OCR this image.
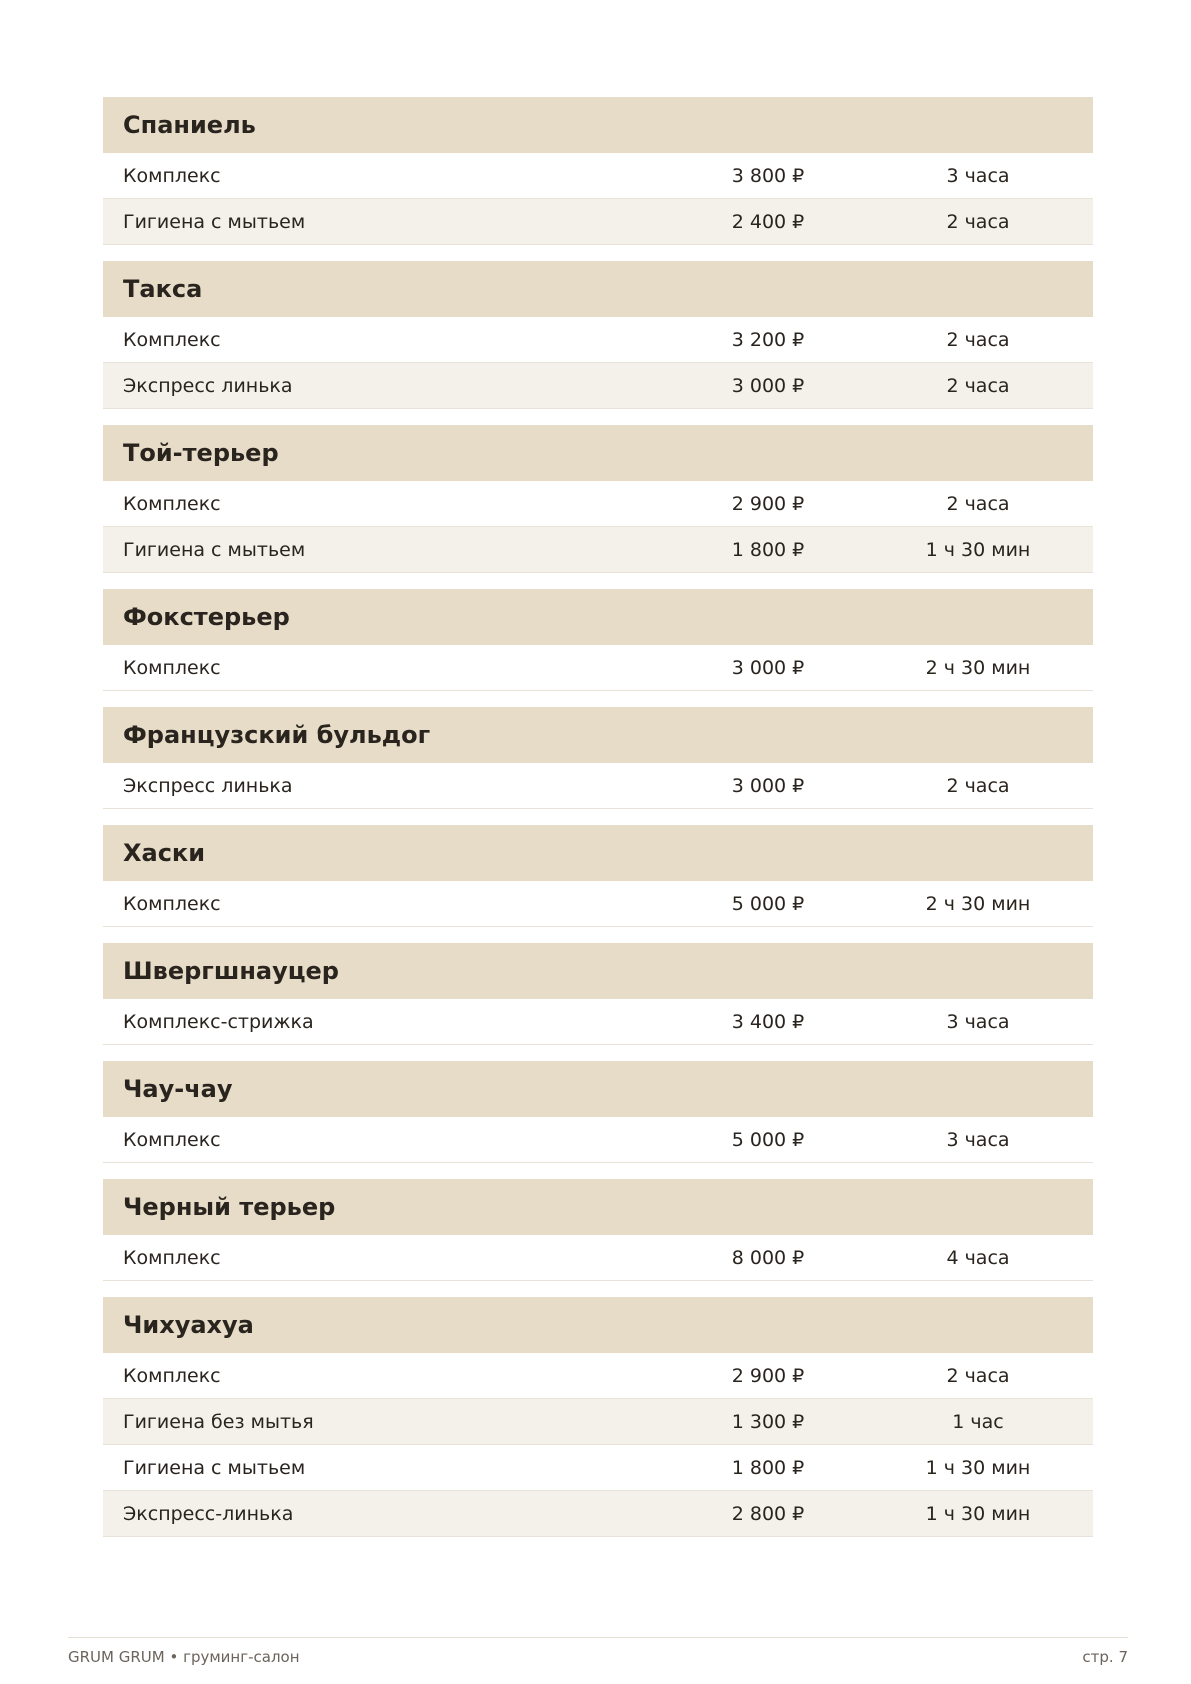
Спаниель
Комплекс	3 800 ₽	3 часа
Гигиена с мытьем	2 400 ₽	2 часа
Такса
Комплекс	3 200 ₽	2 часа
Экспресс линька	3 000 ₽	2 часа
Той-терьер
Комплекс	2 900 ₽	2 часа
Гигиена с мытьем	1 800 ₽	1 ч 30 мин
Фокстерьер
Комплекс	3 000 ₽	2 ч 30 мин
Французский бульдог
Экспресс линька	3 000 ₽	2 часа
Хаски
Комплекс	5 000 ₽	2 ч 30 мин
Швергшнауцер
Комплекс-стрижка	3 400 ₽	3 часа
Чау-чау
Комплекс	5 000 ₽	3 часа
Черный терьер
Комплекс	8 000 ₽	4 часа
Чихуахуа
Комплекс	2 900 ₽	2 часа
Гигиена без мытья	1 300 ₽	1 час
Гигиена с мытьем	1 800 ₽	1 ч 30 мин
Экспресс-линька	2 800 ₽	1 ч 30 мин
GRUM GRUM • груминг-салон	стр. 7
